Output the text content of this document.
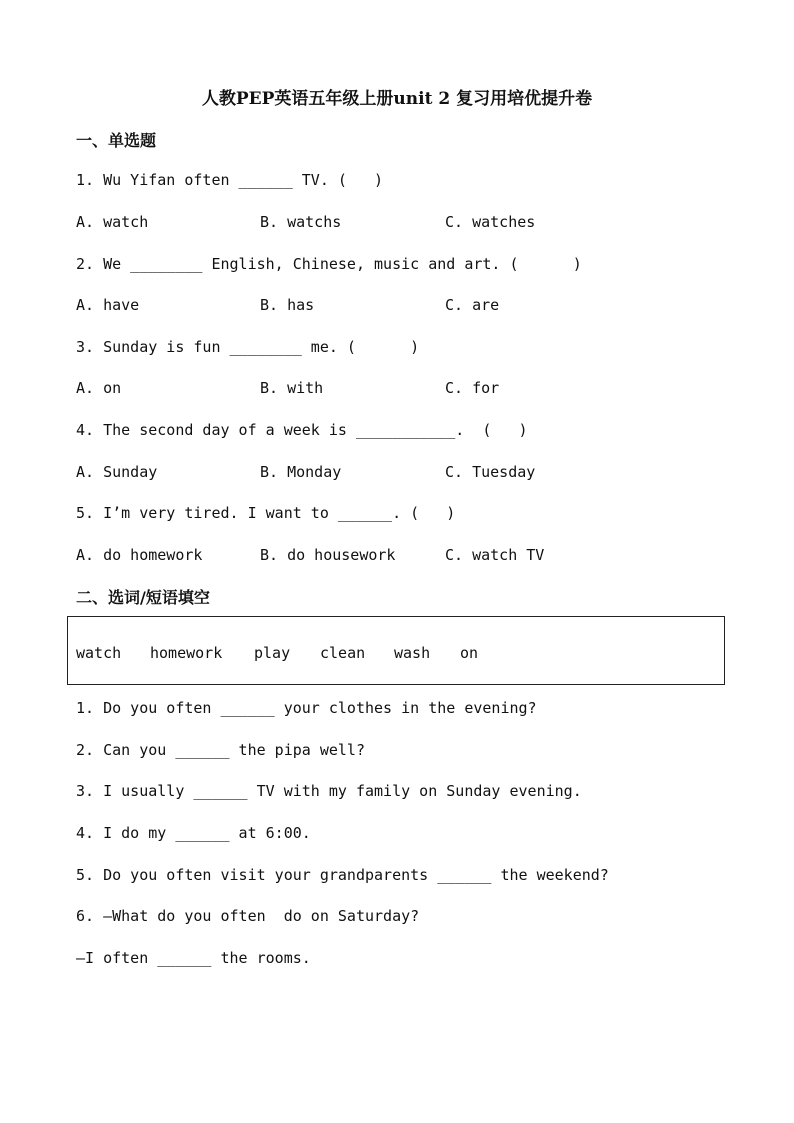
人教PEP英语五年级上册unit 2 复习用培优提升卷
一、单选题
1. Wu Yifan often ______ TV. (   )

A. watch

	B. watchs

	C. watches

2. We ________ English, Chinese, music and art. (      )

A. have

	B. has

	C. are

3. Sunday is fun ________ me. (      )

A. on

	B. with

	C. for

4. The second day of a week is ___________.  (   )

A. Sunday

	B. Monday

	C. Tuesday

5. I’m very tired. I want to ______. (   )

A. do homework

	B. do housework

	C. watch TV

二、选词/短语填空
watch homework play clean wash on
1. Do you often ______ your clothes in the evening?
2. Can you ______ the pipa well?
3. I usually ______ TV with my family on Sunday evening.
4. I do my ______ at 6:00.
5. Do you often visit your grandparents ______ the weekend?
6. —What do you often  do on Saturday?
—I often ______ the rooms.
